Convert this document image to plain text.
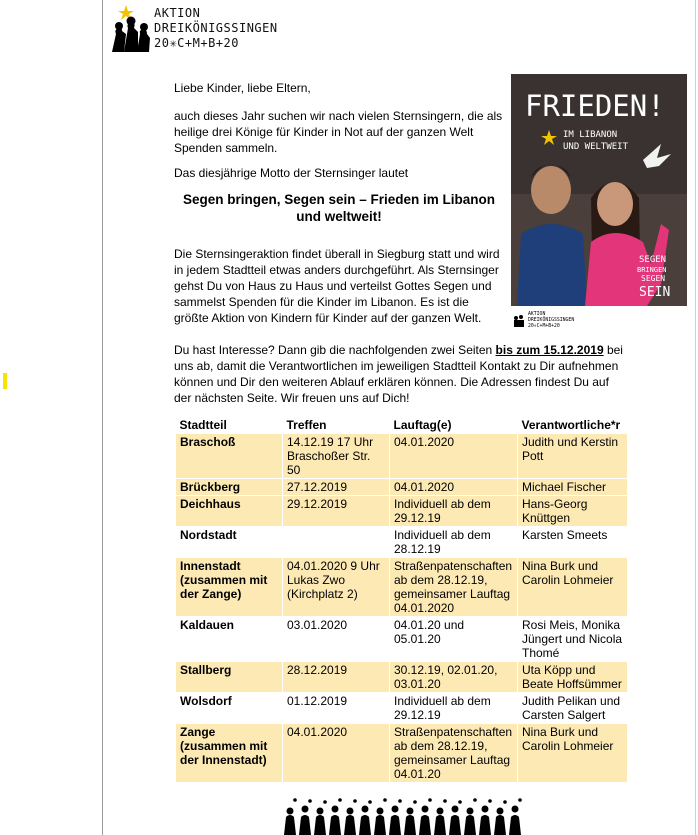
AKTION
DREIKÖNIGSSINGEN
20✳C+M+B+20
Liebe Kinder, liebe Eltern,
auch dieses Jahr suchen wir nach vielen Sternsingern, die als heilige drei Könige für Kinder in Not auf der ganzen Welt Spenden sammeln.
Das diesjährige Motto der Sternsinger lautet
Segen bringen, Segen sein – Frieden im Libanon und weltweit!
Die Sternsingeraktion findet überall in Siegburg statt und wird in jedem Stadtteil etwas anders durchgeführt. Als Sternsinger gehst Du von Haus zu Haus und verteilst Gottes Segen und sammelst Spenden für die Kinder im Libanon. Es ist die größte Aktion von Kindern für Kinder auf der ganzen Welt.
Du hast Interesse? Dann gib die nachfolgenden zwei Seiten bis zum 15.12.2019 bei uns ab, damit die Verantwortlichen im jeweiligen Stadtteil Kontakt zu Dir aufnehmen können und Dir den weiteren Ablauf erklären können. Die Adressen findest Du auf der nächsten Seite. Wir freuen uns auf Dich!
FRIEDEN!
IM LIBANON
UND WELTWEIT
SEGEN
BRINGEN
SEGEN
SEIN
AKTION
DREIKÖNIGSSINGEN
20✳C+M+B+20
Stadtteil	Treffen	Lauftag(e)	Verantwortliche*r
Braschoß	14.12.19 17 Uhr Braschoßer Str. 50	04.01.2020	Judith und Kerstin Pott
Brückberg	27.12.2019	04.01.2020	Michael Fischer
Deichhaus	29.12.2019	Individuell ab dem 29.12.19	Hans-Georg Knüttgen
Nordstadt		Individuell ab dem 28.12.19	Karsten Smeets
Innenstadt (zusammen mit der Zange)	04.01.2020 9 Uhr Lukas Zwo (Kirchplatz 2)	Straßenpatenschaften ab dem 28.12.19, gemeinsamer Lauftag 04.01.2020	Nina Burk und Carolin Lohmeier
Kaldauen	03.01.2020	04.01.20 und 05.01.20	Rosi Meis, Monika Jüngert und Nicola Thomé
Stallberg	28.12.2019	30.12.19, 02.01.20, 03.01.20	Uta Köpp und Beate Hoffsümmer
Wolsdorf	01.12.2019	Individuell ab dem 29.12.19	Judith Pelikan und Carsten Salgert
Zange (zusammen mit der Innenstadt)	04.01.2020	Straßenpatenschaften ab dem 28.12.19, gemeinsamer Lauftag 04.01.20	Nina Burk und Carolin Lohmeier
